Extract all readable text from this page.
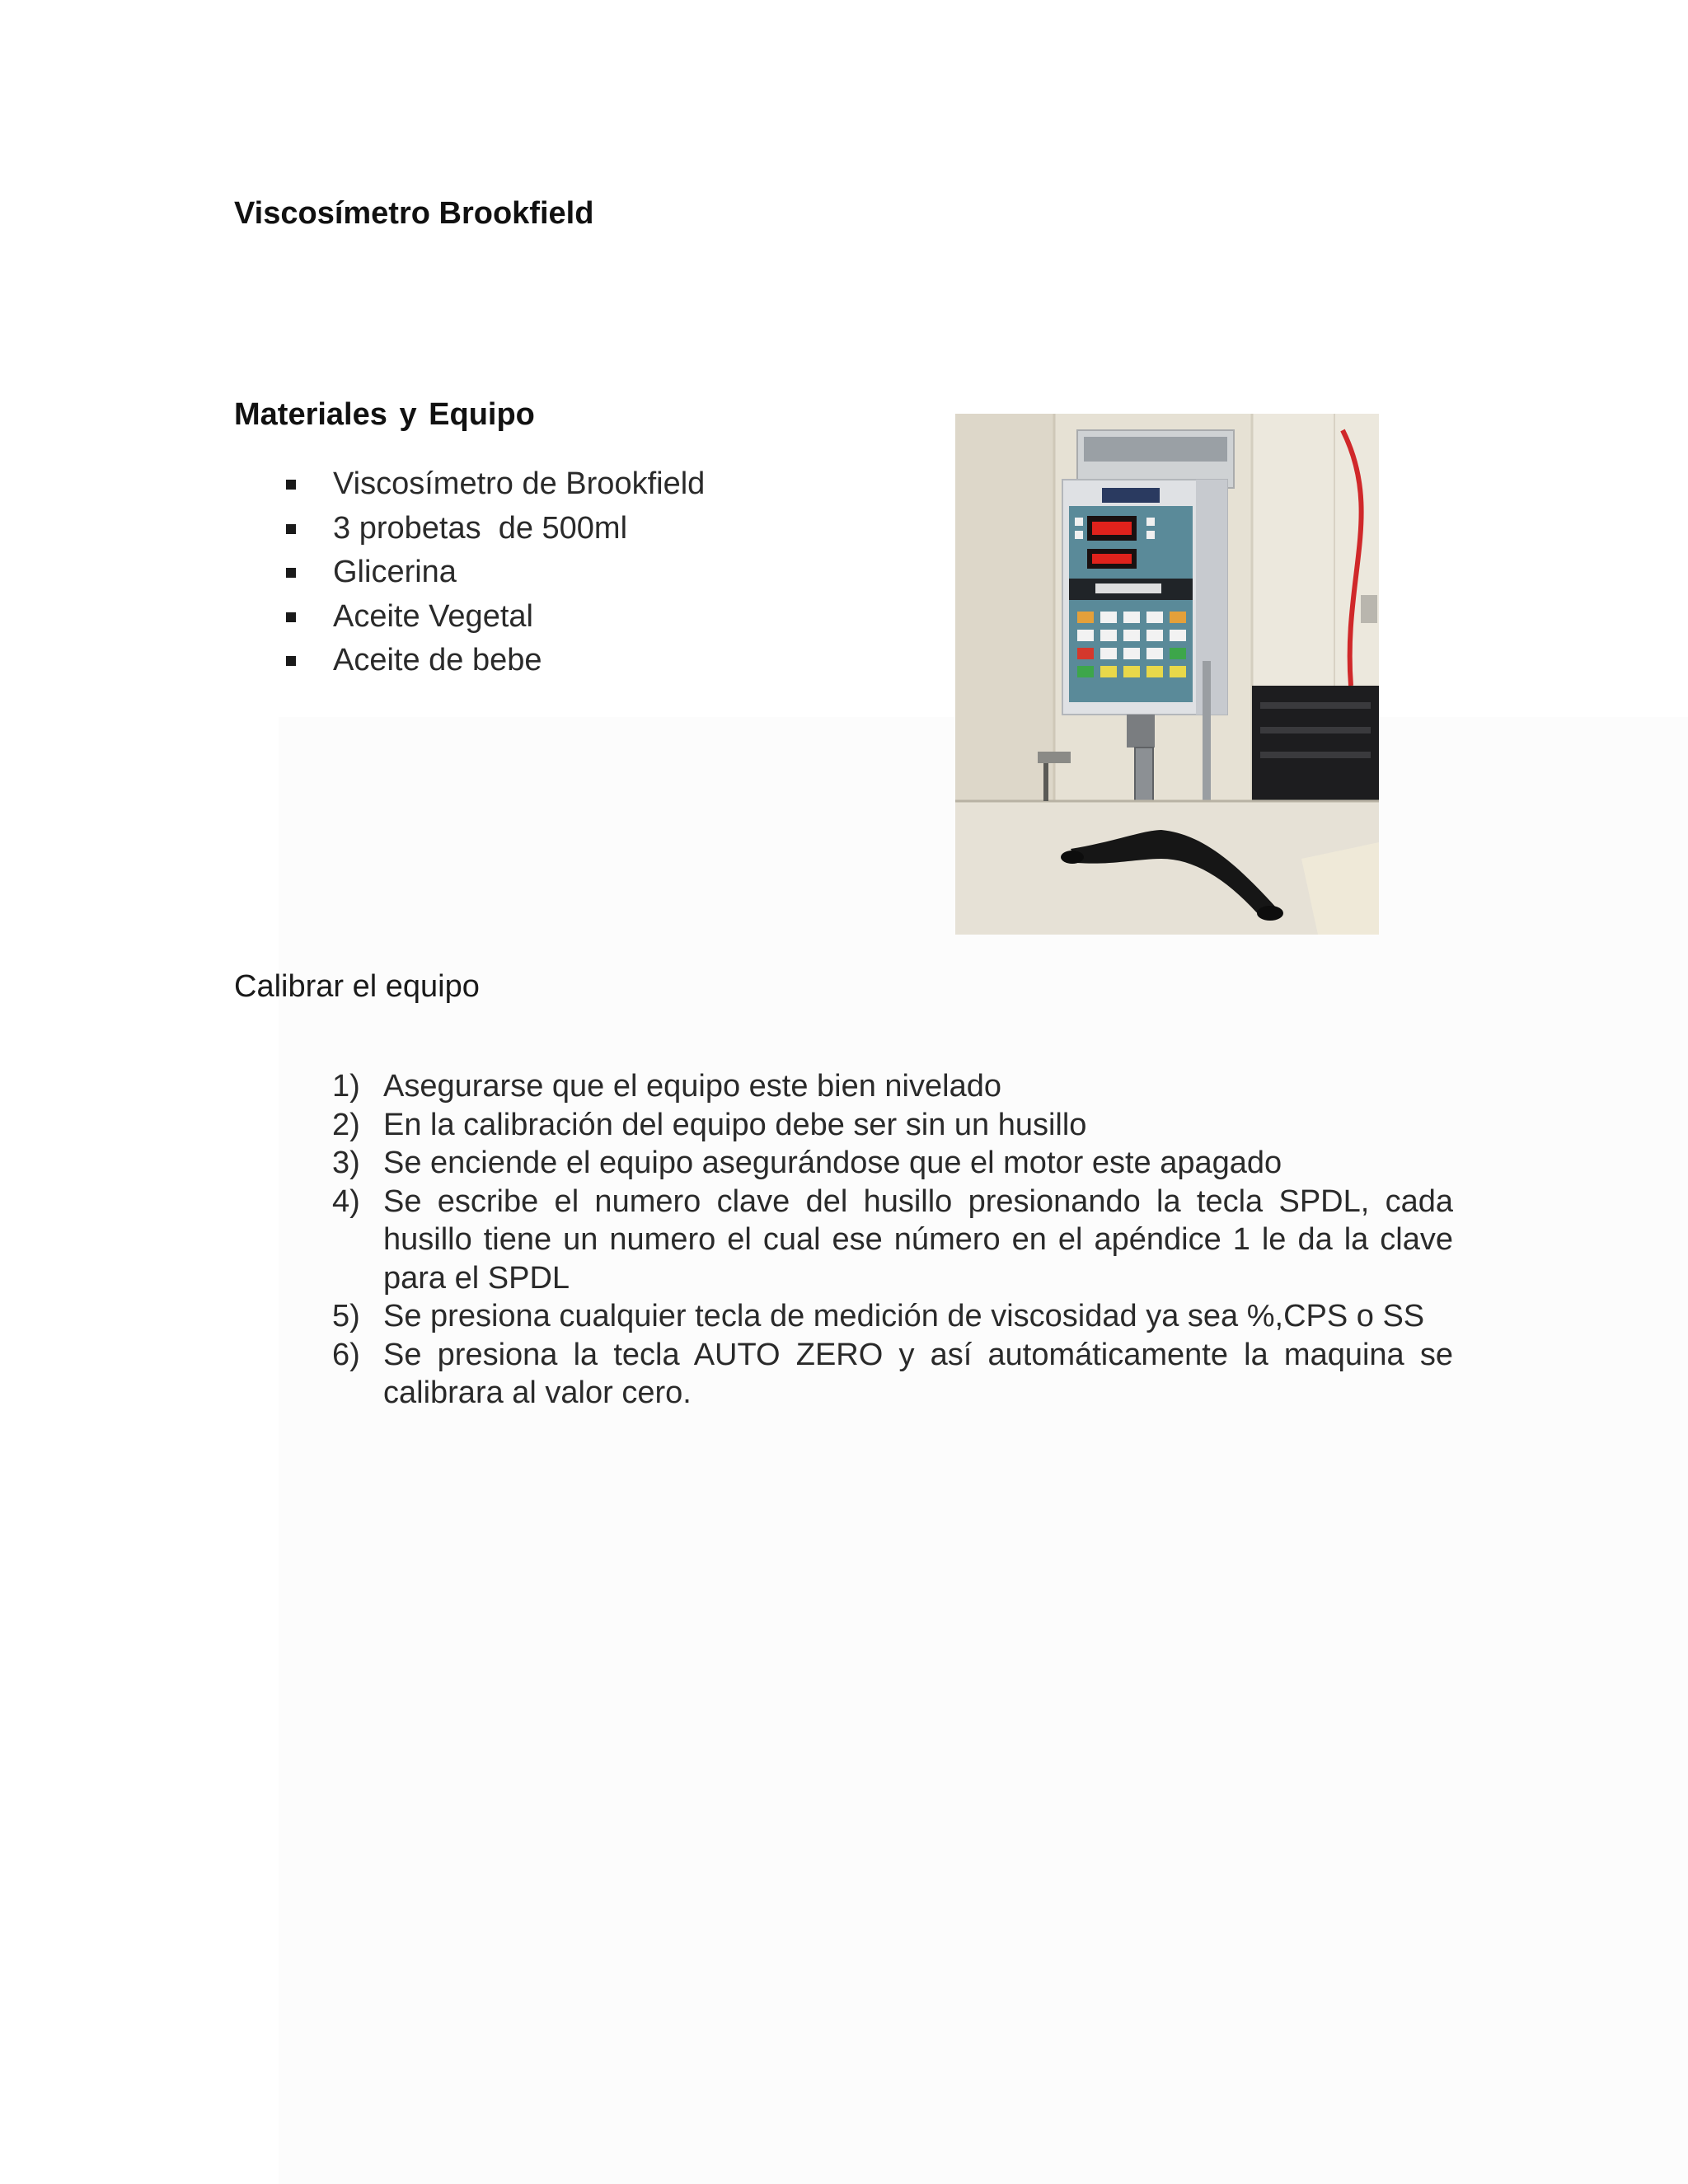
Viscosímetro Brookfield
Materiales y Equipo
Viscosímetro de Brookfield
3 probetas  de 500ml
Glicerina
Aceite Vegetal
Aceite de bebe
Calibrar el equipo
1) Asegurarse que el equipo este bien nivelado
2) En la calibración del equipo debe ser sin un husillo
3) Se enciende el equipo asegurándose que el motor este apagado
4) Se escribe el numero clave del husillo presionando la tecla SPDL, cada husillo tiene un numero el cual ese número en el apéndice 1 le da la clave para el SPDL
5) Se presiona cualquier tecla de medición de viscosidad ya sea %,CPS o SS
6) Se presiona la tecla AUTO ZERO y así automáticamente la maquina se calibrara al valor cero.
